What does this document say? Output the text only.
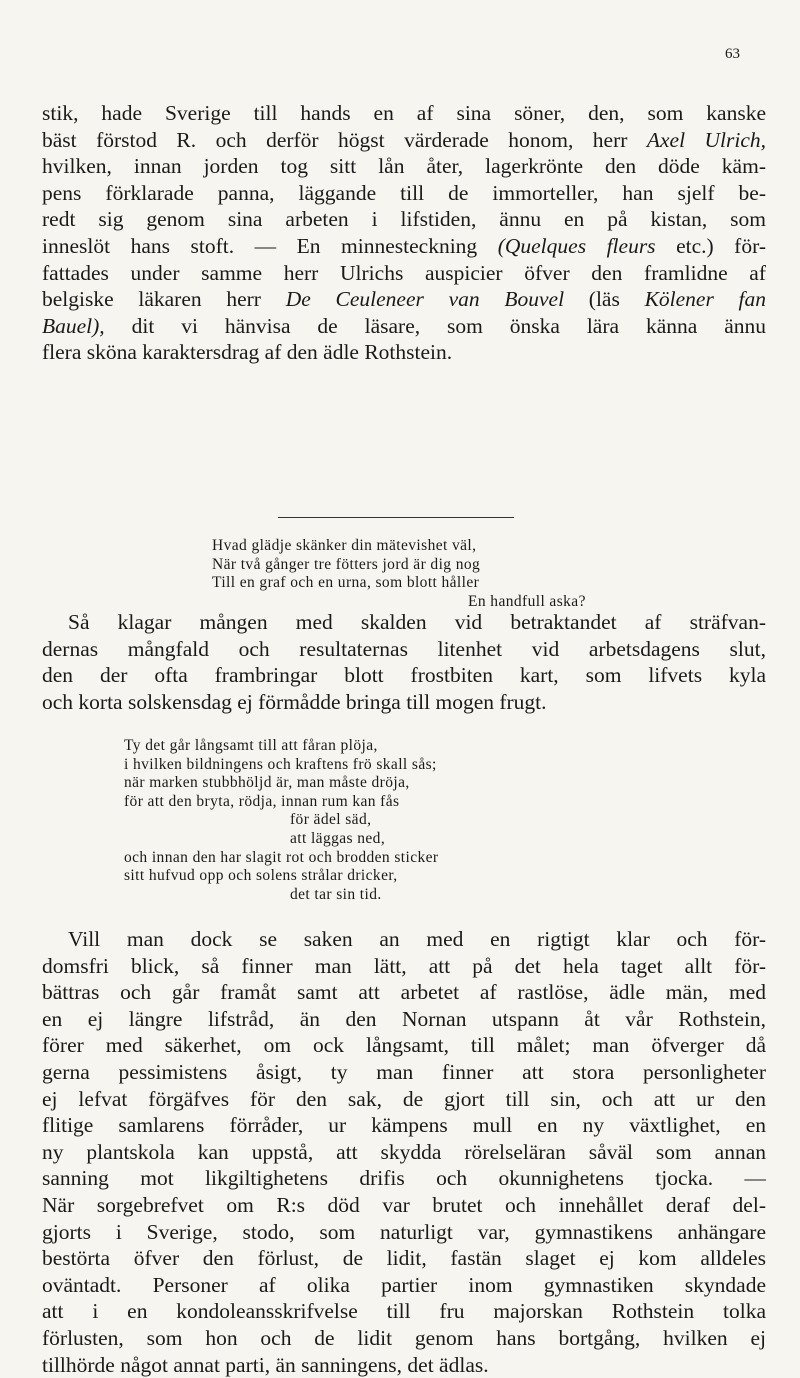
63
stik, hade Sverige till hands en af sina söner, den, som kanske
bäst förstod R. och derför högst värderade honom, herr Axel Ulrich,
hvilken, innan jorden tog sitt lån åter, lagerkrönte den döde käm-
pens förklarade panna, läggande till de immorteller, han sjelf be-
redt sig genom sina arbeten i lifstiden, ännu en på kistan, som
inneslöt hans stoft. — En minnesteckning (Quelques fleurs etc.) för-
fattades under samme herr Ulrichs auspicier öfver den framlidne af
belgiske läkaren herr De Ceuleneer van Bouvel (läs Kölener fan
Bauel), dit vi hänvisa de läsare, som önska lära känna ännu
flera sköna karaktersdrag af den ädle Rothstein.
Hvad glädje skänker din mätevishet väl,
När två gånger tre fötters jord är dig nog
Till en graf och en urna, som blott håller
En handfull aska?
Så klagar mången med skalden vid betraktandet af sträfvan-
dernas mångfald och resultaternas litenhet vid arbetsdagens slut,
den der ofta frambringar blott frostbiten kart, som lifvets kyla
och korta solskensdag ej förmådde bringa till mogen frugt.
Ty det går långsamt till att fåran plöja,
i hvilken bildningens och kraftens frö skall sås;
när marken stubbhöljd är, man måste dröja,
för att den bryta, rödja, innan rum kan fås
för ädel säd,
att läggas ned,
och innan den har slagit rot och brodden sticker
sitt hufvud opp och solens strålar dricker,
det tar sin tid.
Vill man dock se saken an med en rigtigt klar och för-
domsfri blick, så finner man lätt, att på det hela taget allt för-
bättras och går framåt samt att arbetet af rastlöse, ädle män, med
en ej längre lifstråd, än den Nornan utspann åt vår Rothstein,
förer med säkerhet, om ock långsamt, till målet; man öfverger då
gerna pessimistens åsigt, ty man finner att stora personligheter
ej lefvat förgäfves för den sak, de gjort till sin, och att ur den
flitige samlarens förråder, ur kämpens mull en ny växtlighet, en
ny plantskola kan uppstå, att skydda rörelseläran såväl som annan
sanning mot likgiltighetens drifis och okunnighetens tjocka. —
När sorgebrefvet om R:s död var brutet och innehållet deraf del-
gjorts i Sverige, stodo, som naturligt var, gymnastikens anhängare
bestörta öfver den förlust, de lidit, fastän slaget ej kom alldeles
oväntadt. Personer af olika partier inom gymnastiken skyndade
att i en kondoleansskrifvelse till fru majorskan Rothstein tolka
förlusten, som hon och de lidit genom hans bortgång, hvilken ej
tillhörde något annat parti, än sanningens, det ädlas.
